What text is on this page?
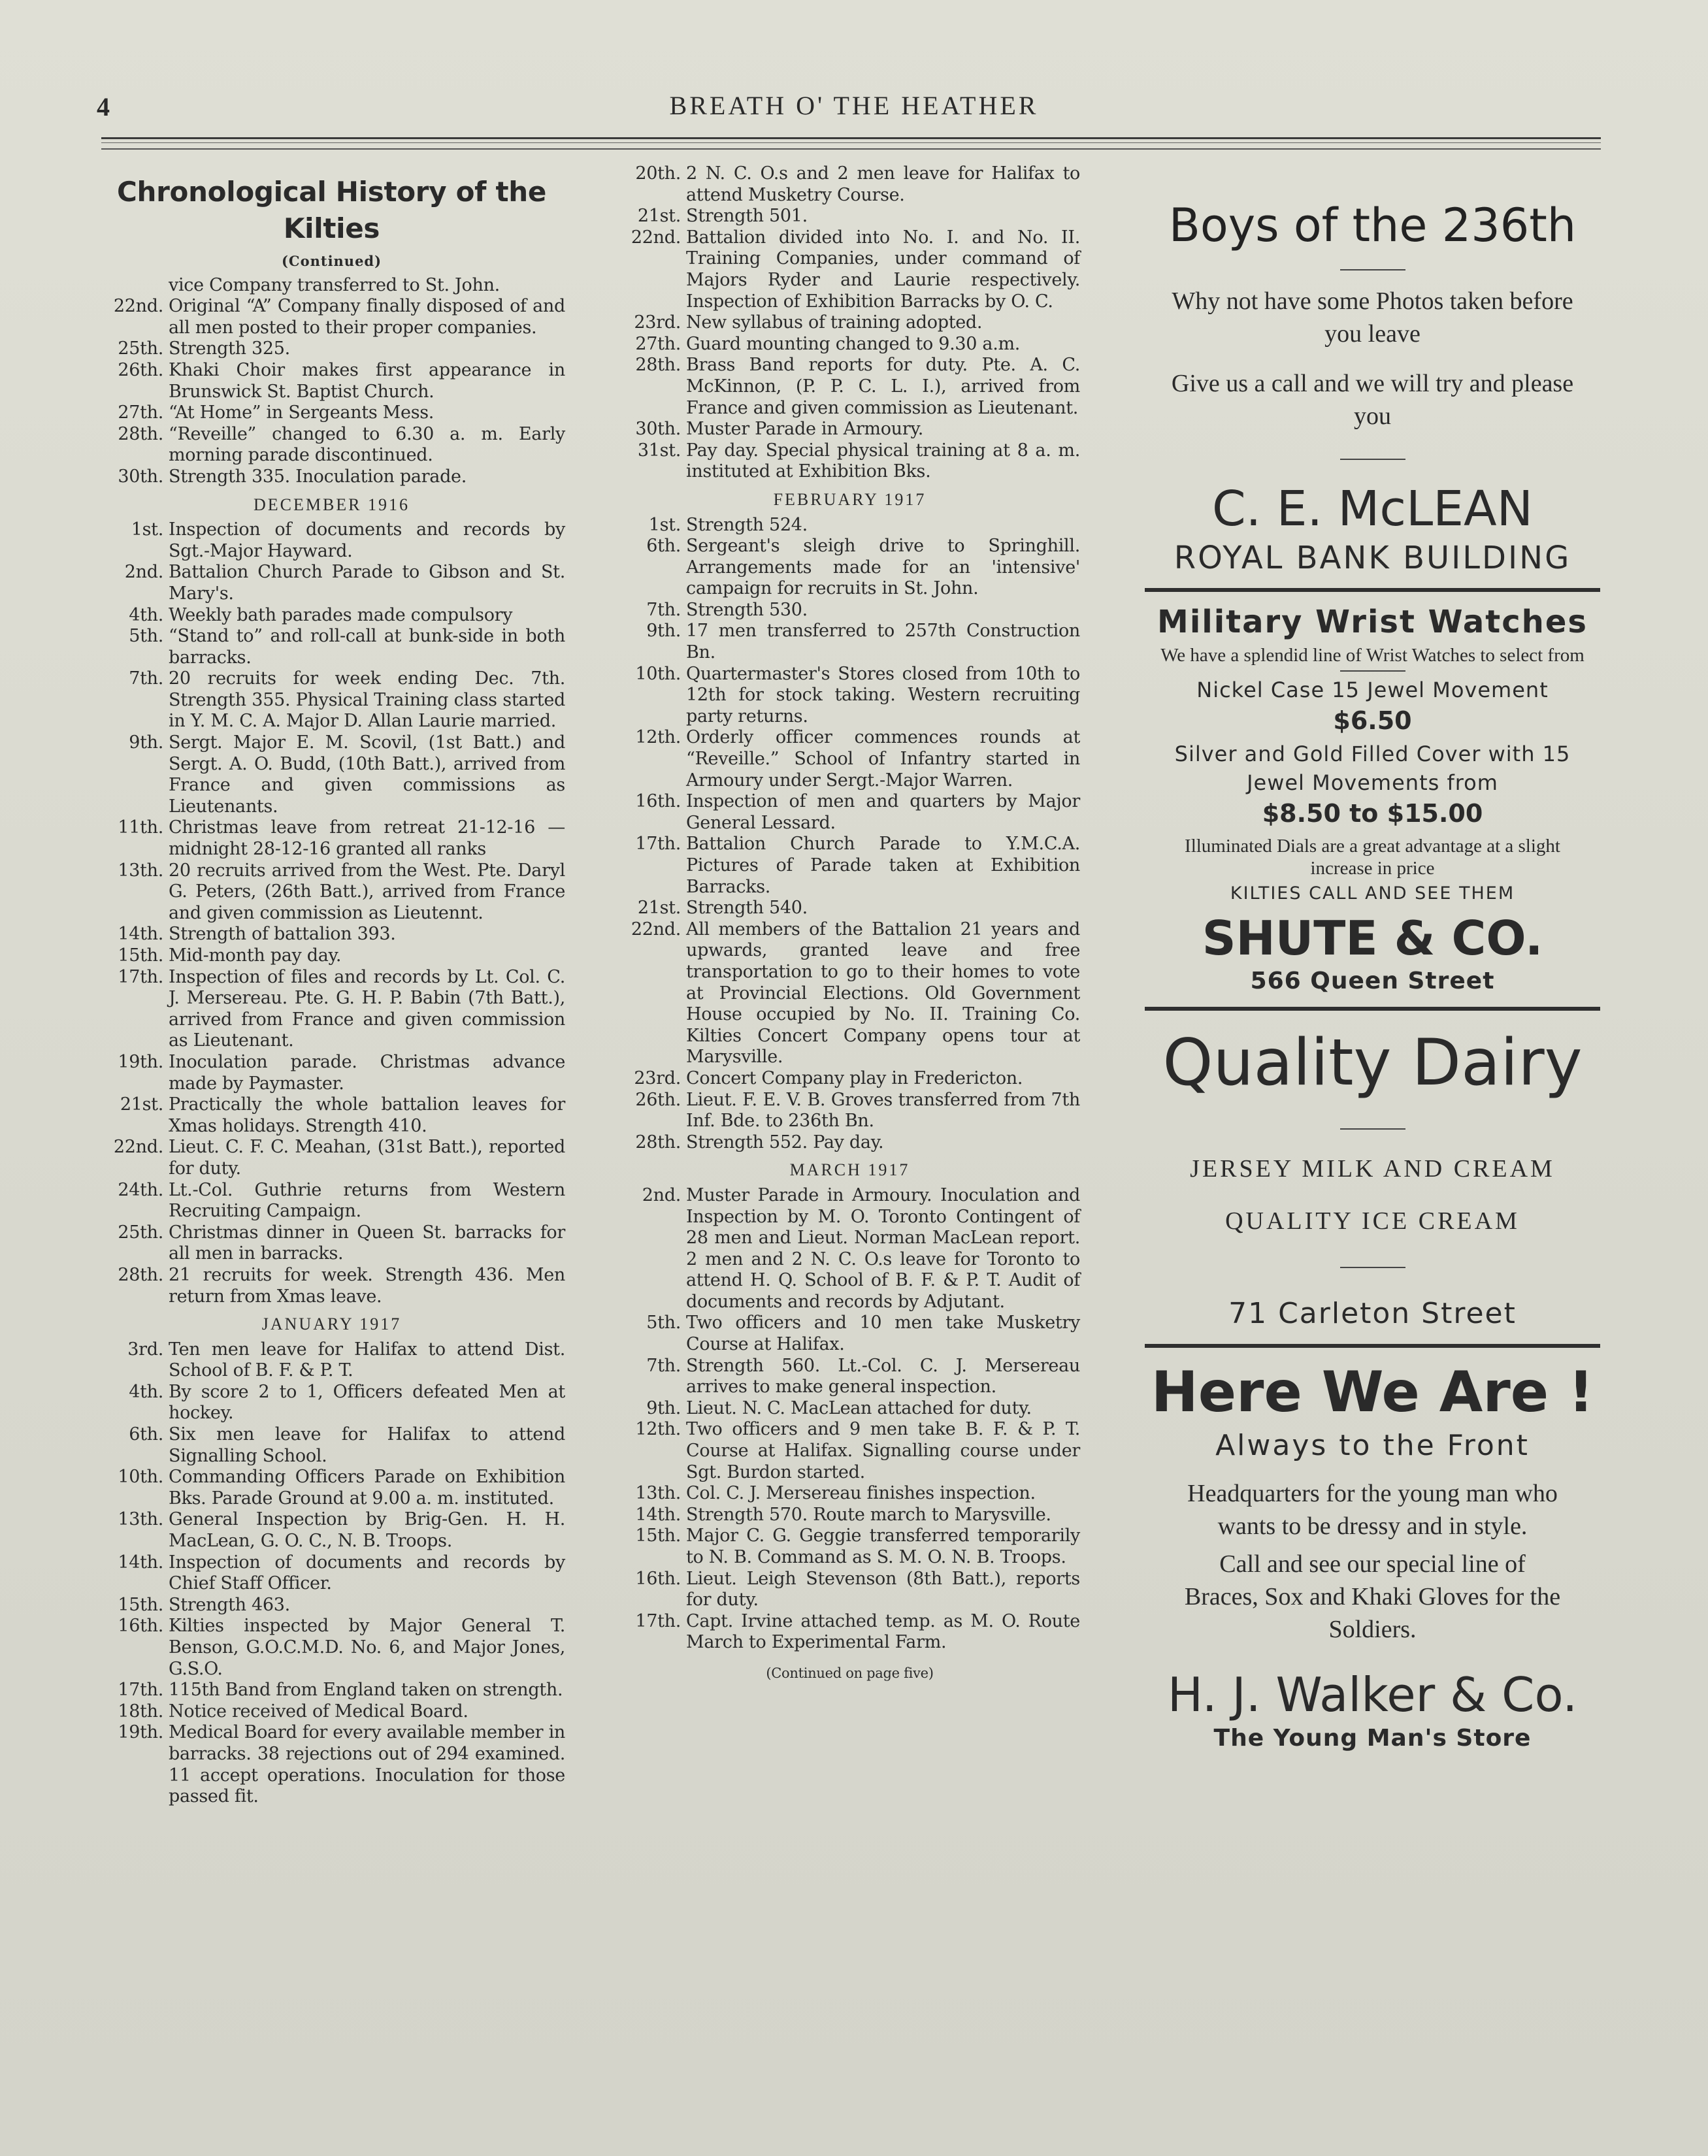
4	BREATH O' THE HEATHER
Chronological History of the Kilties
(Continued)
vice Company transferred to St. John.
22nd. Original “A” Company finally disposed of and all men posted to their proper companies.
25th. Strength 325.
26th. Khaki Choir makes first appearance in Brunswick St. Baptist Church.
27th. “At Home” in Sergeants Mess.
28th. “Reveille” changed to 6.30 a. m. Early morning parade discontinued.
30th. Strength 335. Inoculation parade.
DECEMBER 1916
1st. Inspection of documents and records by Sgt.-Major Hayward.
2nd. Battalion Church Parade to Gibson and St. Mary's.
4th. Weekly bath parades made compulsory
5th. “Stand to” and roll-call at bunk-side in both barracks.
7th. 20 recruits for week ending Dec. 7th. Strength 355. Physical Training class started in Y. M. C. A. Major D. Allan Laurie married.
9th. Sergt. Major E. M. Scovil, (1st Batt.) and Sergt. A. O. Budd, (10th Batt.), arrived from France and given commissions as Lieutenants.
11th. Christmas leave from retreat 21-12-16 —midnight 28-12-16 granted all ranks
13th. 20 recruits arrived from the West. Pte. Daryl G. Peters, (26th Batt.), arrived from France and given commission as Lieutennt.
14th. Strength of battalion 393.
15th. Mid-month pay day.
17th. Inspection of files and records by Lt. Col. C. J. Mersereau. Pte. G. H. P. Babin (7th Batt.), arrived from France and given commission as Lieutenant.
19th. Inoculation parade. Christmas advance made by Paymaster.
21st. Practically the whole battalion leaves for Xmas holidays. Strength 410.
22nd. Lieut. C. F. C. Meahan, (31st Batt.), reported for duty.
24th. Lt.-Col. Guthrie returns from Western Recruiting Campaign.
25th. Christmas dinner in Queen St. barracks for all men in barracks.
28th. 21 recruits for week. Strength 436. Men return from Xmas leave.
JANUARY 1917
3rd. Ten men leave for Halifax to attend Dist. School of B. F. & P. T.
4th. By score 2 to 1, Officers defeated Men at hockey.
6th. Six men leave for Halifax to attend Signalling School.
10th. Commanding Officers Parade on Exhibition Bks. Parade Ground at 9.00 a. m. instituted.
13th. General Inspection by Brig-Gen. H. H. MacLean, G. O. C., N. B. Troops.
14th. Inspection of documents and records by Chief Staff Officer.
15th. Strength 463.
16th. Kilties inspected by Major General T. Benson, G.O.C.M.D. No. 6, and Major Jones, G.S.O.
17th. 115th Band from England taken on strength.
18th. Notice received of Medical Board.
19th. Medical Board for every available member in barracks. 38 rejections out of 294 examined. 11 accept operations. Inoculation for those passed fit.
20th. 2 N. C. O.s and 2 men leave for Halifax to attend Musketry Course.
21st. Strength 501.
22nd. Battalion divided into No. I. and No. II. Training Companies, under command of Majors Ryder and Laurie respectively. Inspection of Exhibition Barracks by O. C.
23rd. New syllabus of training adopted.
27th. Guard mounting changed to 9.30 a.m.
28th. Brass Band reports for duty. Pte. A. C. McKinnon, (P. P. C. L. I.), arrived from France and given commission as Lieutenant.
30th. Muster Parade in Armoury.
31st. Pay day. Special physical training at 8 a. m. instituted at Exhibition Bks.
FEBRUARY 1917
1st. Strength 524.
6th. Sergeant's sleigh drive to Springhill. Arrangements made for an 'intensive' campaign for recruits in St. John.
7th. Strength 530.
9th. 17 men transferred to 257th Construction Bn.
10th. Quartermaster's Stores closed from 10th to 12th for stock taking. Western recruiting party returns.
12th. Orderly officer commences rounds at “Reveille.” School of Infantry started in Armoury under Sergt.-Major Warren.
16th. Inspection of men and quarters by Major General Lessard.
17th. Battalion Church Parade to Y.M.C.A. Pictures of Parade taken at Exhibition Barracks.
21st. Strength 540.
22nd. All members of the Battalion 21 years and upwards, granted leave and free transportation to go to their homes to vote at Provincial Elections. Old Government House occupied by No. II. Training Co. Kilties Concert Company opens tour at Marysville.
23rd. Concert Company play in Fredericton.
26th. Lieut. F. E. V. B. Groves transferred from 7th Inf. Bde. to 236th Bn.
28th. Strength 552. Pay day.
MARCH 1917
2nd. Muster Parade in Armoury. Inoculation and Inspection by M. O. Toronto Contingent of 28 men and Lieut. Norman MacLean report. 2 men and 2 N. C. O.s leave for Toronto to attend H. Q. School of B. F. & P. T. Audit of documents and records by Adjutant.
5th. Two officers and 10 men take Musketry Course at Halifax.
7th. Strength 560. Lt.-Col. C. J. Mersereau arrives to make general inspection.
9th. Lieut. N. C. MacLean attached for duty.
12th. Two officers and 9 men take B. F. & P. T. Course at Halifax. Signalling course under Sgt. Burdon started.
13th. Col. C. J. Mersereau finishes inspection.
14th. Strength 570. Route march to Marysville.
15th. Major C. G. Geggie transferred temporarily to N. B. Command as S. M. O. N. B. Troops.
16th. Lieut. Leigh Stevenson (8th Batt.), reports for duty.
17th. Capt. Irvine attached temp. as M. O. Route March to Experimental Farm.
(Continued on page five)
Boys of the 236th
Why not have some Photos taken before you leave
Give us a call and we will try and please you
C. E. McLEAN
ROYAL BANK BUILDING
Military Wrist Watches
We have a splendid line of Wrist Watches to select from
Nickel Case 15 Jewel Movement
$6.50
Silver and Gold Filled Cover with 15 Jewel Movements from
$8.50 to $15.00
Illuminated Dials are a great advantage at a slight increase in price
KILTIES CALL AND SEE THEM
SHUTE & CO.
566 Queen Street
Quality Dairy
JERSEY MILK AND CREAM
QUALITY ICE CREAM
71 Carleton Street
Here We Are !
Always to the Front
Headquarters for the young man who wants to be dressy and in style.
Call and see our special line of Braces, Sox and Khaki Gloves for the Soldiers.
H. J. Walker & Co.
The Young Man's Store
